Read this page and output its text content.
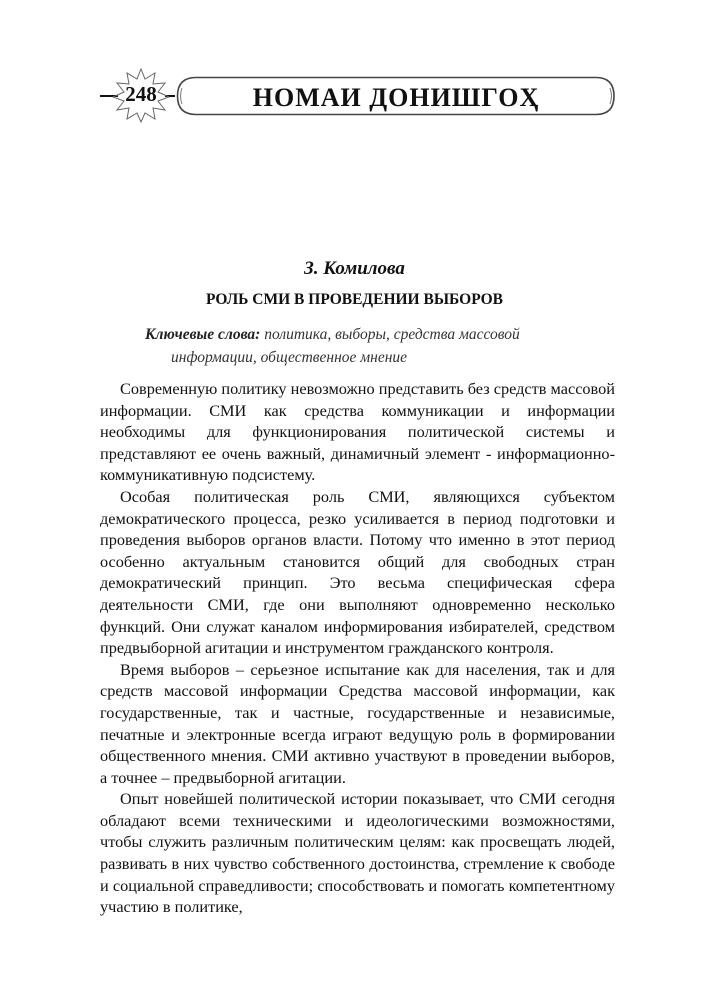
248	НОМАИ ДОНИШГОҲ
З. Комилова
РОЛЬ СМИ В ПРОВЕДЕНИИ ВЫБОРОВ
Ключевые слова: политика, выборы, средства массовой
информации, общественное мнение

Современную политику невозможно представить без средств массовой информации. СМИ как средства коммуникации и информации необходимы для функционирования политической системы и представляют ее очень важный, динамичный элемент - информационно-коммуникативную подсистему.

Особая политическая роль СМИ, являющихся субъектом демократического процесса, резко усиливается в период подготовки и проведения выборов органов власти. Потому что именно в этот период особенно актуальным становится общий для свободных стран демократический принцип. Это весьма специфическая сфера деятельности СМИ, где они выполняют одновременно несколько функций. Они служат каналом информирования избирателей, средством предвыборной агитации и инструментом гражданского контроля.

Время выборов – серьезное испытание как для населения, так и для средств массовой информации Средства массовой информации, как государственные, так и частные, государственные и независимые, печатные и электронные всегда играют ведущую роль в формировании общественного мнения. СМИ активно участвуют в проведении выборов, а точнее – предвыборной агитации.

Опыт новейшей политической истории показывает, что СМИ сегодня обладают всеми техническими и идеологическими возможностями, чтобы служить различным политическим целям: как просвещать людей, развивать в них чувство собственного достоинства, стремление к свободе и социальной справедливости; способствовать и помогать компетентному участию в политике,
